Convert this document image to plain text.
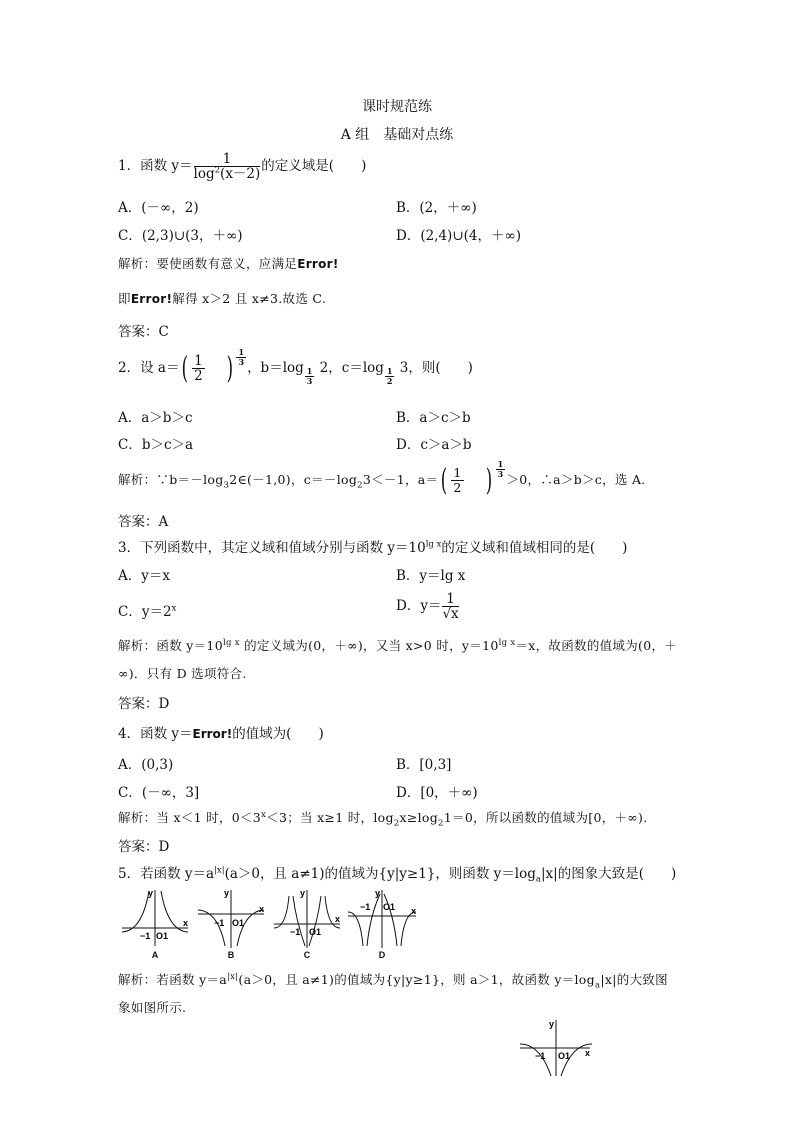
课时规范练
A 组　基础对点练
1．函数 $y= \frac{1}{\log^2(x-2)}$ 的定义域是(　　)
A．(－∞，2)	B．(2，＋∞)
C．(2,3)∪(3，＋∞)	D．(2,4)∪(4，＋∞)
解析：要使函数有意义，应满足Error!
即Error!解得 x＞2 且 x≠3.故选 C.
答案：C
2．设 $a=( \frac{1}{2}$ ) $\frac{1}{3}$
，$b=\log \frac{1}{3} 2$，$c=\log \frac{1}{2} 3$，则(　　)
A．a＞b＞c	B．a＞c＞b
C．b＞c＞a	D．c＞a＞b
解析：$\because b=-\log_32\in(-1,0)$，$c=-\log_23<-1$，$a=( \frac{1}{2}$ ) $\frac{1}{3}$
＞0，∴a＞b＞c，选 A.
答案：A
3．下列函数中，其定义域和值域分别与函数 $y=10^{lg x}$的定义域和值域相同的是(　　)
A．y＝x	B．y＝lg x
C．$y=2^x$	D．$y= \frac{1}{√x}$
解析：函数 $y=10^{lg x}$ 的定义域为(0，＋∞)，又当 x>0 时，$y=10^{lg x}=x$，故函数的值域为(0，＋
∞)．只有 D 选项符合.
答案：D
4．函数 y＝Error!的值域为(　　)
A．(0,3)	B．[0,3]
C．(－∞，3]	D．[0，＋∞)
解析：当 x＜1 时，$0<3^x<3$；当 x≥1 时，$\log_2x\ge\log_21=0$，所以函数的值域为[0，＋∞).
答案：D
5．若函数 $y=a^{|x|}(a>0$，且 a≠1)的值域为{y|y≥1}，则函数 $y=\log_a|x|$的图象大致是(　　)
y
x
−1 O1
A
y
x
−1 O1
B
y
x
−1 O1
C
y
x
−1 O1
D
解析：若函数 $y=a^{|x|}(a>0$，且 a≠1)的值域为{y|y≥1}，则 a＞1，故函数 $y=\log_a|x|$的大致图
象如图所示.
y
x
−1 O1
